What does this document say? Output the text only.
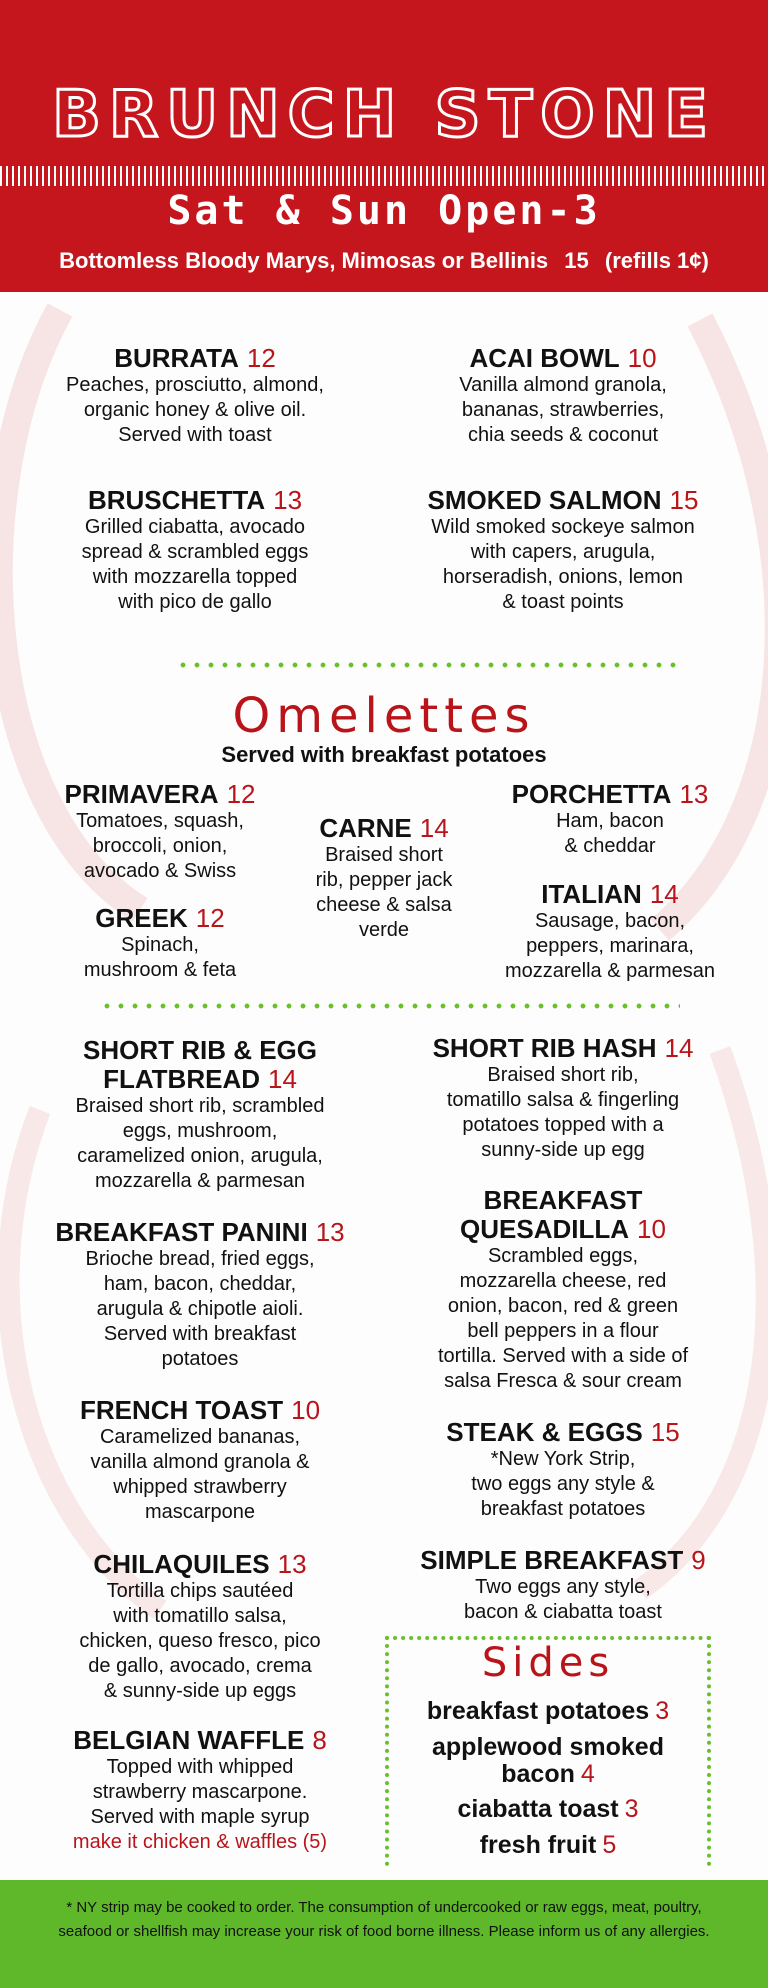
BRUNCH STONE
Sat & Sun Open-3
Bottomless Bloody Marys, Mimosas or Bellinis 15 (refills 1¢)
BURRATA 12
Peaches, prosciutto, almond,
organic honey & olive oil.
Served with toast
ACAI BOWL 10
Vanilla almond granola,
bananas, strawberries,
chia seeds & coconut
BRUSCHETTA 13
Grilled ciabatta, avocado
spread & scrambled eggs
with mozzarella topped
with pico de gallo
SMOKED SALMON 15
Wild smoked sockeye salmon
with capers, arugula,
horseradish, onions, lemon
& toast points
Omelettes
Served with breakfast potatoes
PRIMAVERA 12
Tomatoes, squash,
broccoli, onion,
avocado & Swiss
CARNE 14
Braised short
rib, pepper jack
cheese & salsa
verde
PORCHETTA 13
Ham, bacon
& cheddar
GREEK 12
Spinach,
mushroom & feta
ITALIAN 14
Sausage, bacon,
peppers, marinara,
mozzarella & parmesan
SHORT RIB & EGG
FLATBREAD 14
Braised short rib, scrambled
eggs, mushroom,
caramelized onion, arugula,
mozzarella & parmesan
BREAKFAST PANINI 13
Brioche bread, fried eggs,
ham, bacon, cheddar,
arugula & chipotle aioli.
Served with breakfast
potatoes
FRENCH TOAST 10
Caramelized bananas,
vanilla almond granola &
whipped strawberry
mascarpone
CHILAQUILES 13
Tortilla chips sautéed
with tomatillo salsa,
chicken, queso fresco, pico
de gallo, avocado, crema
& sunny-side up eggs
BELGIAN WAFFLE 8
Topped with whipped
strawberry mascarpone.
Served with maple syrup
make it chicken & waffles (5)
SHORT RIB HASH 14
Braised short rib,
tomatillo salsa & fingerling
potatoes topped with a
sunny-side up egg
BREAKFAST
QUESADILLA 10
Scrambled eggs,
mozzarella cheese, red
onion, bacon, red & green
bell peppers in a flour
tortilla. Served with a side of
salsa Fresca & sour cream
STEAK & EGGS 15
*New York Strip,
two eggs any style &
breakfast potatoes
SIMPLE BREAKFAST 9
Two eggs any style,
bacon & ciabatta toast
Sides
breakfast potatoes 3
applewood smoked
bacon 4
ciabatta toast 3
fresh fruit 5
* NY strip may be cooked to order. The consumption of undercooked or raw eggs, meat, poultry, seafood or shellfish may increase your risk of food borne illness. Please inform us of any allergies.
